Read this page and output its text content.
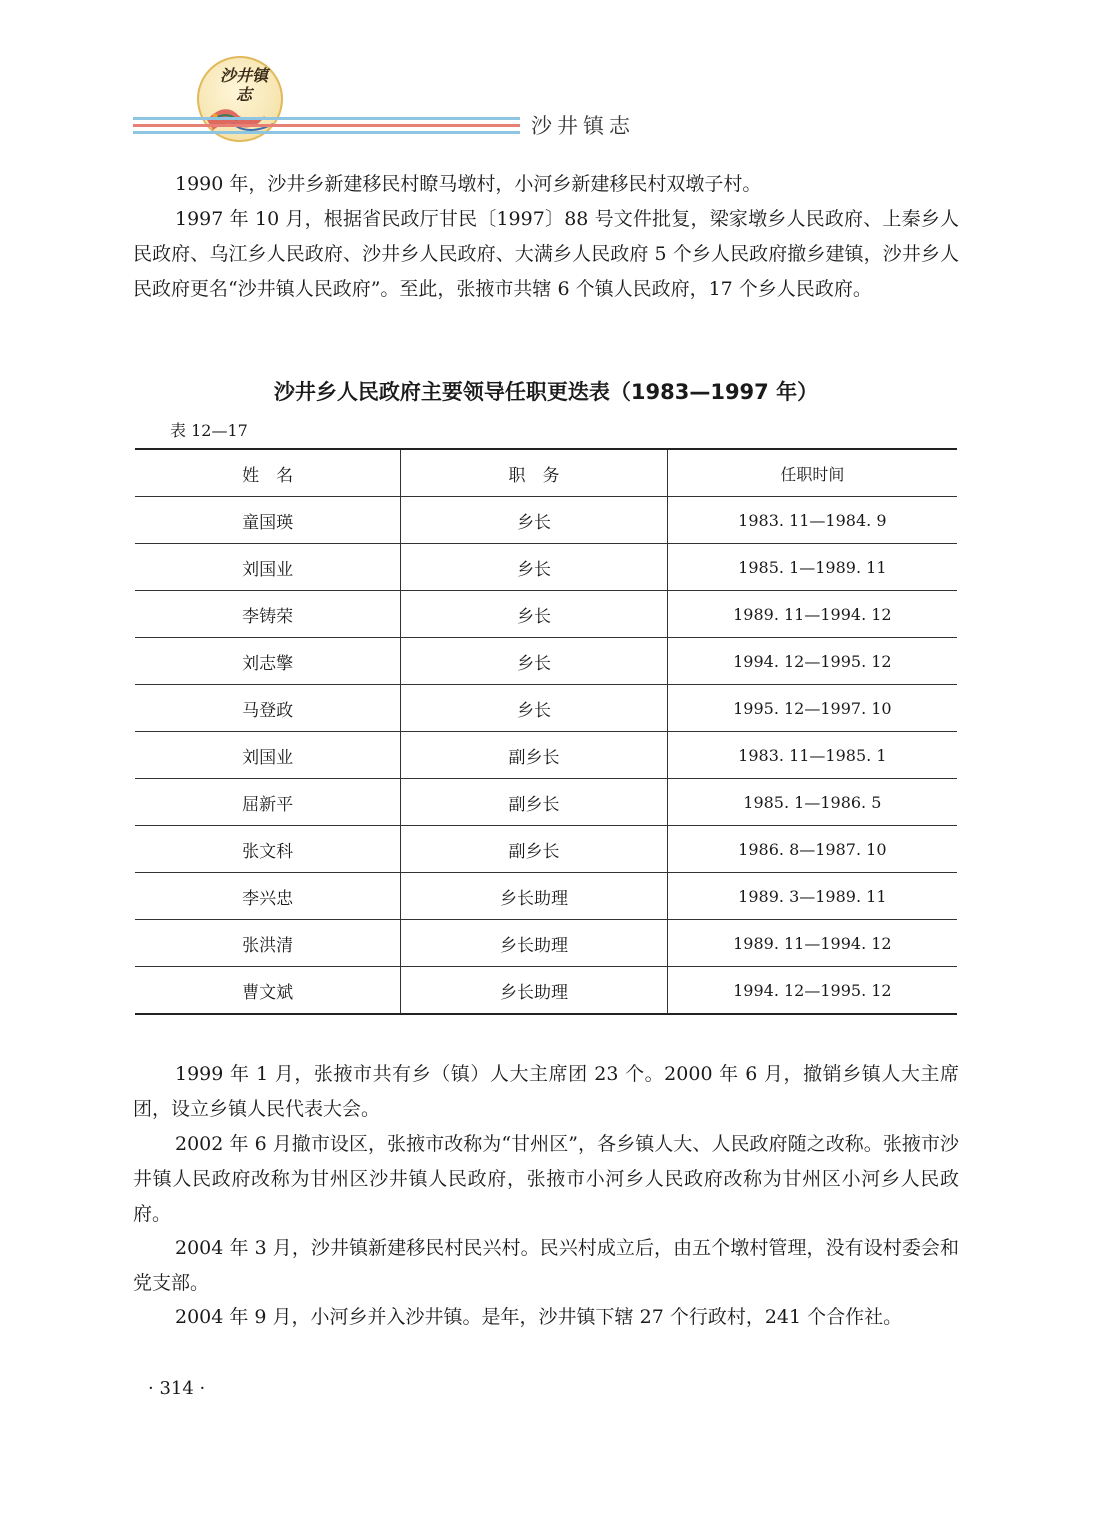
沙井镇志
沙井镇志

1990 年，沙井乡新建移民村瞭马墩村，小河乡新建移民村双墩子村。

1997 年 10 月，根据省民政厅甘民〔1997〕88 号文件批复，梁家墩乡人民政府、上秦乡人民政府、乌江乡人民政府、沙井乡人民政府、大满乡人民政府 5 个乡人民政府撤乡建镇，沙井乡人民政府更名“沙井镇人民政府”。至此，张掖市共辖 6 个镇人民政府，17 个乡人民政府。

沙井乡人民政府主要领导任职更迭表（1983—1997 年）
表 12—17
姓　名	职　务	任职时间
童国瑛	乡长	1983. 11—1984. 9
刘国业	乡长	1985. 1—1989. 11
李铸荣	乡长	1989. 11—1994. 12
刘志擎	乡长	1994. 12—1995. 12
马登政	乡长	1995. 12—1997. 10
刘国业	副乡长	1983. 11—1985. 1
屈新平	副乡长	1985. 1—1986. 5
张文科	副乡长	1986. 8—1987. 10
李兴忠	乡长助理	1989. 3—1989. 11
张洪清	乡长助理	1989. 11—1994. 12
曹文斌	乡长助理	1994. 12—1995. 12

1999 年 1 月，张掖市共有乡（镇）人大主席团 23 个。2000 年 6 月，撤销乡镇人大主席团，设立乡镇人民代表大会。

2002 年 6 月撤市设区，张掖市改称为“甘州区”，各乡镇人大、人民政府随之改称。张掖市沙井镇人民政府改称为甘州区沙井镇人民政府，张掖市小河乡人民政府改称为甘州区小河乡人民政府。

2004 年 3 月，沙井镇新建移民村民兴村。民兴村成立后，由五个墩村管理，没有设村委会和党支部。

2004 年 9 月，小河乡并入沙井镇。是年，沙井镇下辖 27 个行政村，241 个合作社。

· 314 ·
